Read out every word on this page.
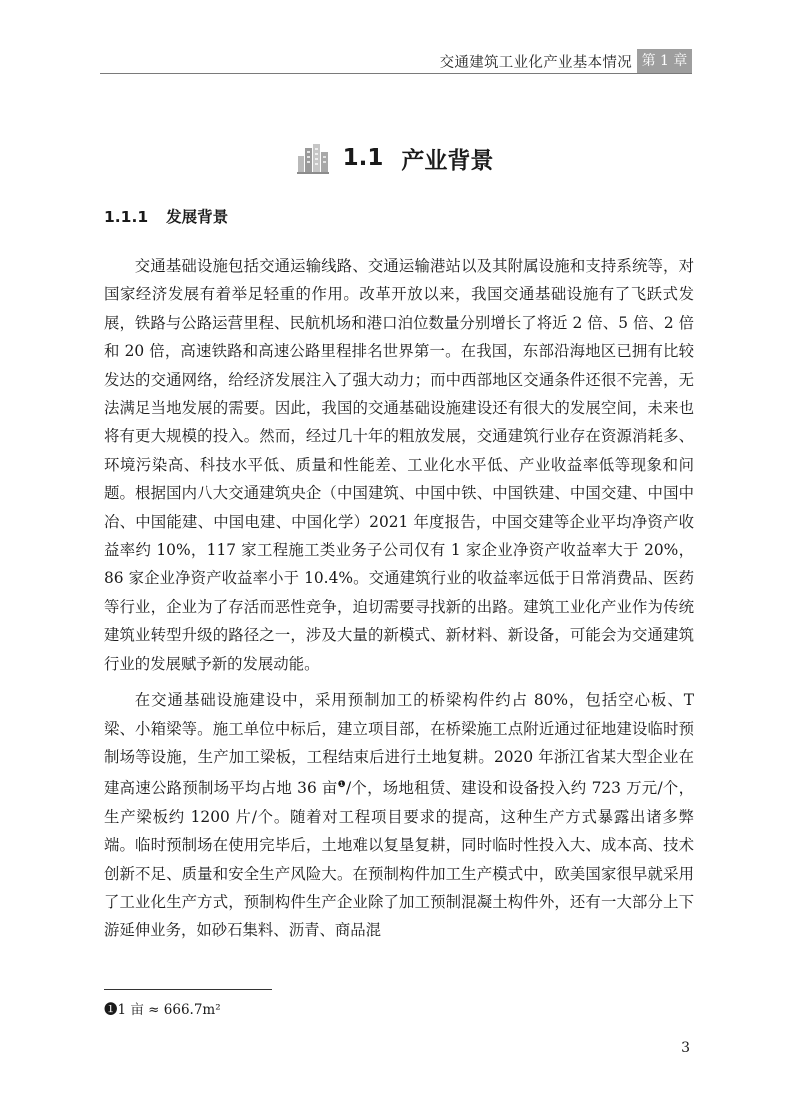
交通建筑工业化产业基本情况 第 1 章
1.1 产业背景
1.1.1 发展背景

交通基础设施包括交通运输线路、交通运输港站以及其附属设施和支持系统等，对国家经济发展有着举足轻重的作用。改革开放以来，我国交通基础设施有了飞跃式发展，铁路与公路运营里程、民航机场和港口泊位数量分别增长了将近 2 倍、5 倍、2 倍和 20 倍，高速铁路和高速公路里程排名世界第一。在我国，东部沿海地区已拥有比较发达的交通网络，给经济发展注入了强大动力；而中西部地区交通条件还很不完善，无法满足当地发展的需要。因此，我国的交通基础设施建设还有很大的发展空间，未来也将有更大规模的投入。然而，经过几十年的粗放发展，交通建筑行业存在资源消耗多、环境污染高、科技水平低、质量和性能差、工业化水平低、产业收益率低等现象和问题。根据国内八大交通建筑央企（中国建筑、中国中铁、中国铁建、中国交建、中国中冶、中国能建、中国电建、中国化学）2021 年度报告，中国交建等企业平均净资产收益率约 10%，117 家工程施工类业务子公司仅有 1 家企业净资产收益率大于 20%，86 家企业净资产收益率小于 10.4%。交通建筑行业的收益率远低于日常消费品、医药等行业，企业为了存活而恶性竞争，迫切需要寻找新的出路。建筑工业化产业作为传统建筑业转型升级的路径之一，涉及大量的新模式、新材料、新设备，可能会为交通建筑行业的发展赋予新的发展动能。

在交通基础设施建设中，采用预制加工的桥梁构件约占 80%，包括空心板、T 梁、小箱梁等。施工单位中标后，建立项目部，在桥梁施工点附近通过征地建设临时预制场等设施，生产加工梁板，工程结束后进行土地复耕。2020 年浙江省某大型企业在建高速公路预制场平均占地 36 亩$^❶$/个，场地租赁、建设和设备投入约 723 万元/个，生产梁板约 1200 片/个。随着对工程项目要求的提高，这种生产方式暴露出诸多弊端。临时预制场在使用完毕后，土地难以复垦复耕，同时临时性投入大、成本高、技术创新不足、质量和安全生产风险大。在预制构件加工生产模式中，欧美国家很早就采用了工业化生产方式，预制构件生产企业除了加工预制混凝土构件外，还有一大部分上下游延伸业务，如砂石集料、沥青、商品混

❶1 亩 ≈ 666.7m²
3
